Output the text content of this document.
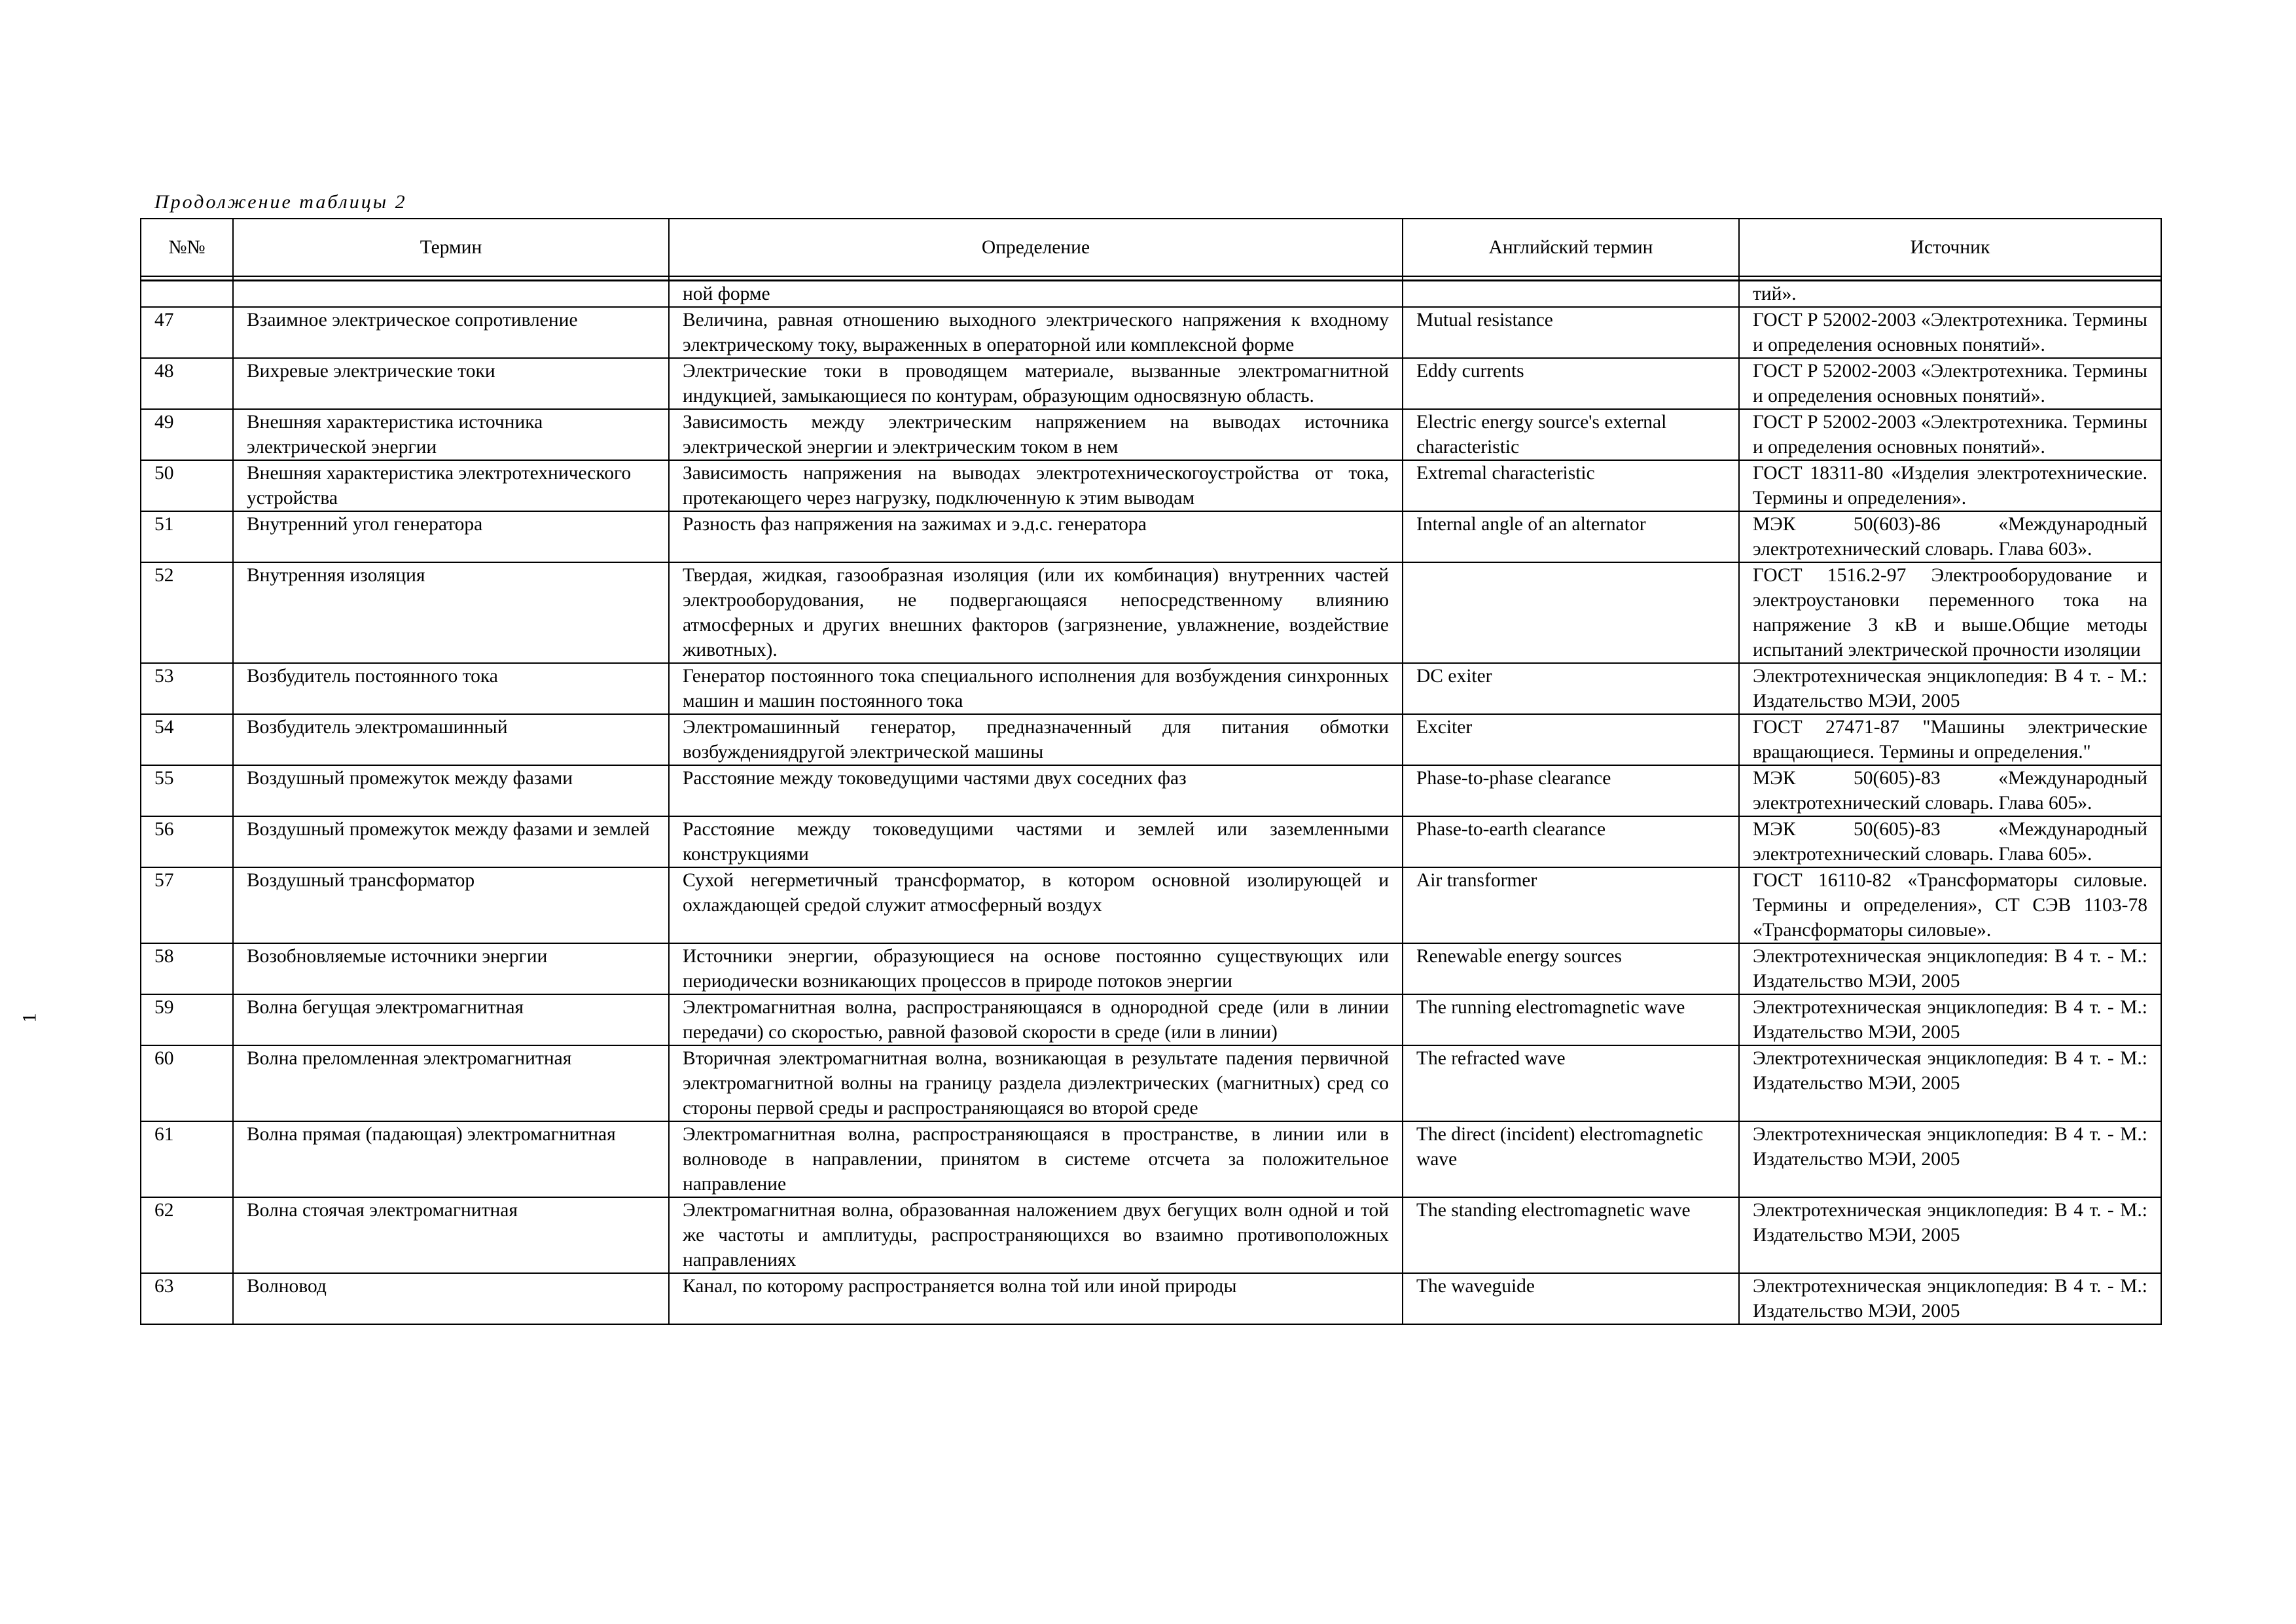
Продолжение таблицы 2
1
№№	Термин	Определение	Английский термин	Источник

		ной форме		тий».
47	Взаимное электрическое сопротивление	Величина, равная отношению выходного электрического напряжения к входному электрическому току, выраженных в операторной или комплексной форме	Mutual resistance	ГОСТ Р 52002-2003 «Электротехника. Термины и определения основных понятий».
48	Вихревые электрические токи	Электрические токи в проводящем материале, вызванные электромагнитной индукцией, замыкающиеся по контурам, образующим односвязную область.	Eddy currents	ГОСТ Р 52002-2003 «Электротехника. Термины и определения основных понятий».
49	Внешняя характеристика источника электрической энергии	Зависимость между электрическим напряжением на выводах источника электрической энергии и электрическим током в нем	Electric energy source's external characteristic	ГОСТ Р 52002-2003 «Электротехника. Термины и определения основных понятий».
50	Внешняя характеристика электротехнического устройства	Зависимость напряжения на выводах электротехническогоустройства от тока, протекающего через нагрузку, подключенную к этим выводам	Extremal characteristic	ГОСТ 18311-80 «Изделия электротехнические. Термины и определения».
51	Внутренний угол генератора	Разность фаз напряжения на зажимах и э.д.с. генератора	Internal angle of an alternator	МЭК 50(603)-86 «Международный электротехнический словарь. Глава 603».
52	Внутренняя изоляция	Твердая, жидкая, газообразная изоляция (или их комбинация) внутренних частей электрооборудования, не подвергающаяся непосредственному влиянию атмосферных и других внешних факторов (загрязнение, увлажнение, воздействие животных).		ГОСТ 1516.2-97 Электрооборудование и электроустановки переменного тока на напряжение 3 кВ и выше.Общие методы испытаний электрической прочности изоляции
53	Возбудитель постоянного тока	Генератор постоянного тока специального исполнения для возбуждения синхронных машин и машин постоянного тока	DC exiter	Электротехническая энциклопедия: В 4 т. - М.: Издательство МЭИ, 2005
54	Возбудитель электромашинный	Электромашинный генератор, предназначенный для питания обмотки возбуждениядругой электрической машины	Exciter	ГОСТ 27471-87 "Машины электрические вращающиеся. Термины и определения."
55	Воздушный промежуток между фазами	Расстояние между токоведущими частями двух соседних фаз	Phase-to-phase clearance	МЭК 50(605)-83 «Международный электротехнический словарь. Глава 605».
56	Воздушный промежуток между фазами и землей	Расстояние между токоведущими частями и землей или заземленными конструкциями	Phase-to-earth clearance	МЭК 50(605)-83 «Международный электротехнический словарь. Глава 605».
57	Воздушный трансформатор	Сухой негерметичный трансформатор, в котором основной изолирующей и охлаждающей средой служит атмосферный воздух	Air transformer	ГОСТ 16110-82 «Трансформаторы силовые. Термины и определения», СТ СЭВ 1103-78 «Трансформаторы силовые».
58	Возобновляемые источники энергии	Источники энергии, образующиеся на основе постоянно существующих или периодически возникающих процессов в природе потоков энергии	Renewable energy sources	Электротехническая энциклопедия: В 4 т. - М.: Издательство МЭИ, 2005
59	Волна бегущая электромагнитная	Электромагнитная волна, распространяющаяся в однородной среде (или в линии передачи) со скоростью, равной фазовой скорости в среде (или в линии)	The running electromagnetic wave	Электротехническая энциклопедия: В 4 т. - М.: Издательство МЭИ, 2005
60	Волна преломленная электромагнитная	Вторичная электромагнитная волна, возникающая в результате падения первичной электромагнитной волны на границу раздела диэлектрических (магнитных) сред со стороны первой среды и распространяющаяся во второй среде	The refracted wave	Электротехническая энциклопедия: В 4 т. - М.: Издательство МЭИ, 2005
61	Волна прямая (падающая) электромагнитная	Электромагнитная волна, распространяющаяся в пространстве, в линии или в волноводе в направлении, принятом в системе отсчета за положительное направление	The direct (incident) electromagnetic wave	Электротехническая энциклопедия: В 4 т. - М.: Издательство МЭИ, 2005
62	Волна стоячая электромагнитная	Электромагнитная волна, образованная наложением двух бегущих волн одной и той же частоты и амплитуды, распространяющихся во взаимно противоположных направлениях	The standing electromagnetic wave	Электротехническая энциклопедия: В 4 т. - М.: Издательство МЭИ, 2005
63	Волновод	Канал, по которому распространяется волна той или иной природы	The waveguide	Электротехническая энциклопедия: В 4 т. - М.: Издательство МЭИ, 2005
